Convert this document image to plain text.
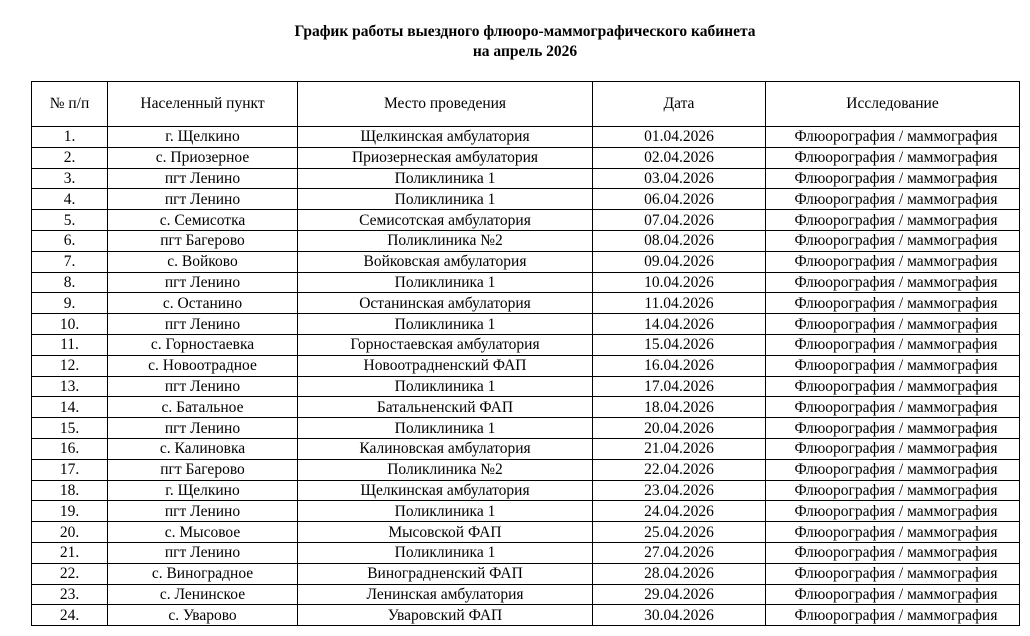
График работы выездного флюоро-маммографического кабинета
на апрель 2026
№ п/п	Населенный пункт	Место проведения	Дата	Исследование
1.	г. Щелкино	Щелкинская амбулатория	01.04.2026	Флюорография / маммография
2.	с. Приозерное	Приозернеская амбулатория	02.04.2026	Флюорография / маммография
3.	пгт Ленино	Поликлиника 1	03.04.2026	Флюорография / маммография
4.	пгт Ленино	Поликлиника 1	06.04.2026	Флюорография / маммография
5.	с. Семисотка	Семисотская амбулатория	07.04.2026	Флюорография / маммография
6.	пгт Багерово	Поликлиника №2	08.04.2026	Флюорография / маммография
7.	с. Войково	Войковская амбулатория	09.04.2026	Флюорография / маммография
8.	пгт Ленино	Поликлиника 1	10.04.2026	Флюорография / маммография
9.	с. Останино	Останинская амбулатория	11.04.2026	Флюорография / маммография
10.	пгт Ленино	Поликлиника 1	14.04.2026	Флюорография / маммография
11.	с. Горностаевка	Горностаевская амбулатория	15.04.2026	Флюорография / маммография
12.	с. Новоотрадное	Новоотрадненский ФАП	16.04.2026	Флюорография / маммография
13.	пгт Ленино	Поликлиника 1	17.04.2026	Флюорография / маммография
14.	с. Батальное	Батальненский ФАП	18.04.2026	Флюорография / маммография
15.	пгт Ленино	Поликлиника 1	20.04.2026	Флюорография / маммография
16.	с. Калиновка	Калиновская амбулатория	21.04.2026	Флюорография / маммография
17.	пгт Багерово	Поликлиника №2	22.04.2026	Флюорография / маммография
18.	г. Щелкино	Щелкинская амбулатория	23.04.2026	Флюорография / маммография
19.	пгт Ленино	Поликлиника 1	24.04.2026	Флюорография / маммография
20.	с. Мысовое	Мысовской ФАП	25.04.2026	Флюорография / маммография
21.	пгт Ленино	Поликлиника 1	27.04.2026	Флюорография / маммография
22.	с. Виноградное	Винограднeнский ФАП	28.04.2026	Флюорография / маммография
23.	с. Ленинское	Ленинская амбулатория	29.04.2026	Флюорография / маммография
24.	с. Уварово	Уваровский ФАП	30.04.2026	Флюорография / маммография
